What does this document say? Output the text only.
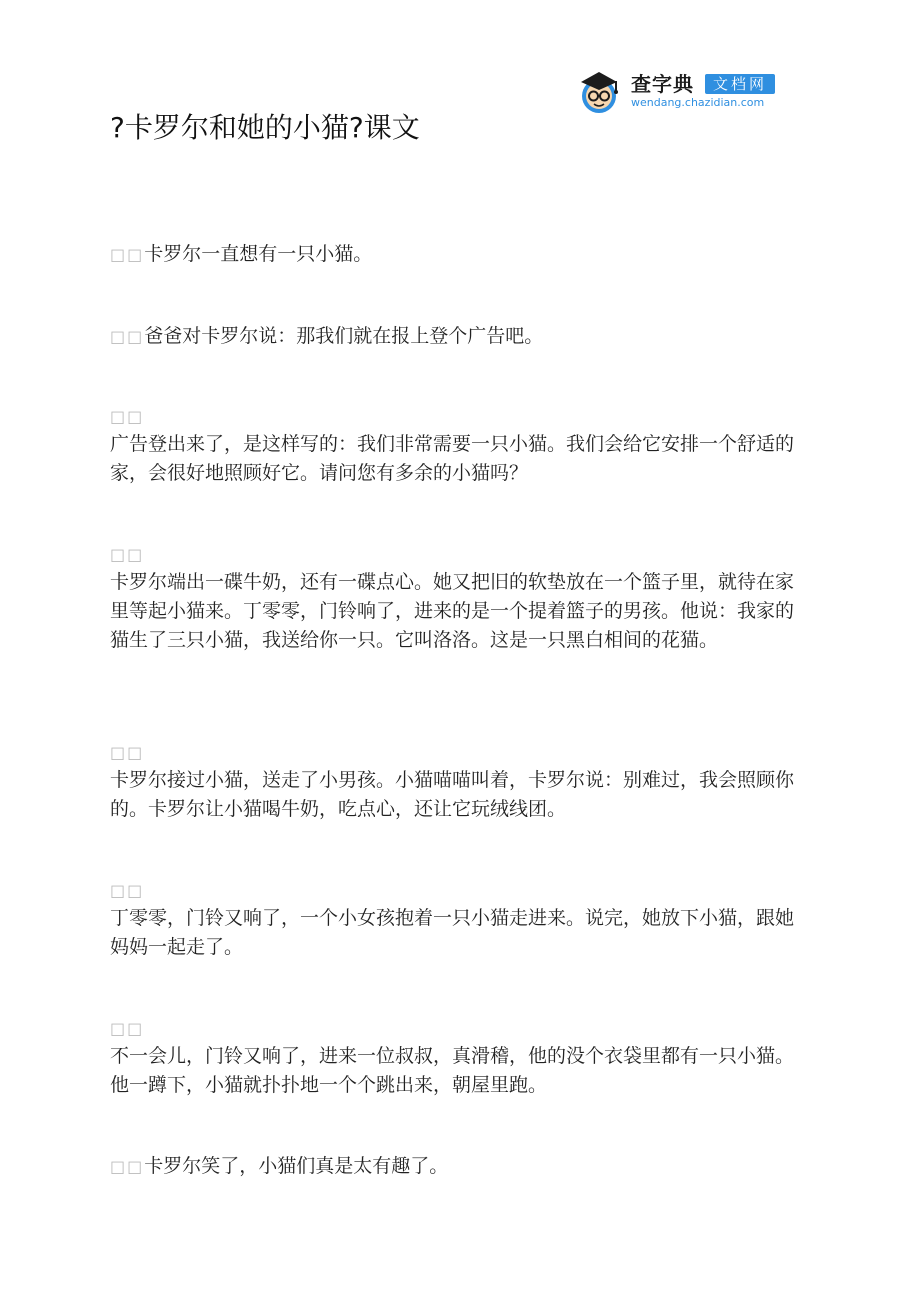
查字典	文档网
wendang.chazidian.com
?卡罗尔和她的小猫?课文

□□卡罗尔一直想有一只小猫。

□□爸爸对卡罗尔说：那我们就在报上登个广告吧。

□□
广告登出来了，是这样写的：我们非常需要一只小猫。我们会给它安排一个舒适的家，会很好地照顾好它。请问您有多余的小猫吗？

□□
卡罗尔端出一碟牛奶，还有一碟点心。她又把旧的软垫放在一个篮子里，就待在家里等起小猫来。丁零零，门铃响了，进来的是一个提着篮子的男孩。他说：我家的猫生了三只小猫，我送给你一只。它叫洛洛。这是一只黑白相间的花猫。

□□
卡罗尔接过小猫，送走了小男孩。小猫喵喵叫着，卡罗尔说：别难过，我会照顾你的。卡罗尔让小猫喝牛奶，吃点心，还让它玩绒线团。

□□
丁零零，门铃又响了，一个小女孩抱着一只小猫走进来。说完，她放下小猫，跟她妈妈一起走了。

□□
不一会儿，门铃又响了，进来一位叔叔，真滑稽，他的没个衣袋里都有一只小猫。他一蹲下，小猫就扑扑地一个个跳出来，朝屋里跑。

□□卡罗尔笑了，小猫们真是太有趣了。
